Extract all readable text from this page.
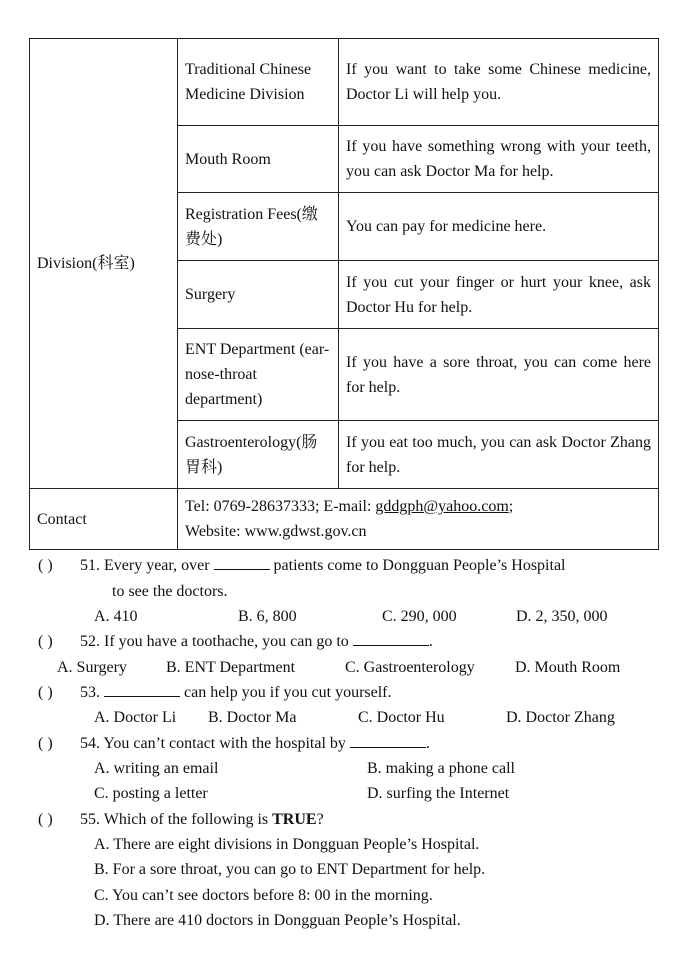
Division(科室)	Traditional Chinese Medicine Division	If you want to take some Chinese medicine, Doctor Li will help you.
	Mouth Room	If you have something wrong with your teeth, you can ask Doctor Ma for help.
	Registration Fees(缴费处)	You can pay for medicine here.
	Surgery	If you cut your finger or hurt your knee, ask Doctor Hu for help.
	ENT Department (ear-nose-throat department)	If you have a sore throat, you can come here for help.
	Gastroenterology(肠胃科)	If you eat too much, you can ask Doctor Zhang for help.
Contact	Tel: 0769-28637333; E-mail: gddgph@yahoo.com;
Website: www.gdwst.gov.cn	
( ) 51. Every year, over	patients come to Dongguan People’s Hospital
to see the doctors.
A. 410	B. 6, 800	C. 290, 000	D. 2, 350, 000
( ) 52. If you have a toothache, you can go to	.
A. Surgery B. ENT Department	C. Gastroenterology	D. Mouth Room
( ) 53.	can help you if you cut yourself.
A. Doctor Li B. Doctor Ma	C. Doctor Hu	D. Doctor Zhang
( ) 54. You can’t contact with the hospital by	.
A. writing an email	B. making a phone call
C. posting a letter	D. surfing the Internet
( ) 55. Which of the following is TRUE?
A. There are eight divisions in Dongguan People’s Hospital.
B. For a sore throat, you can go to ENT Department for help.
C. You can’t see doctors before 8: 00 in the morning.
D. There are 410 doctors in Dongguan People’s Hospital.
